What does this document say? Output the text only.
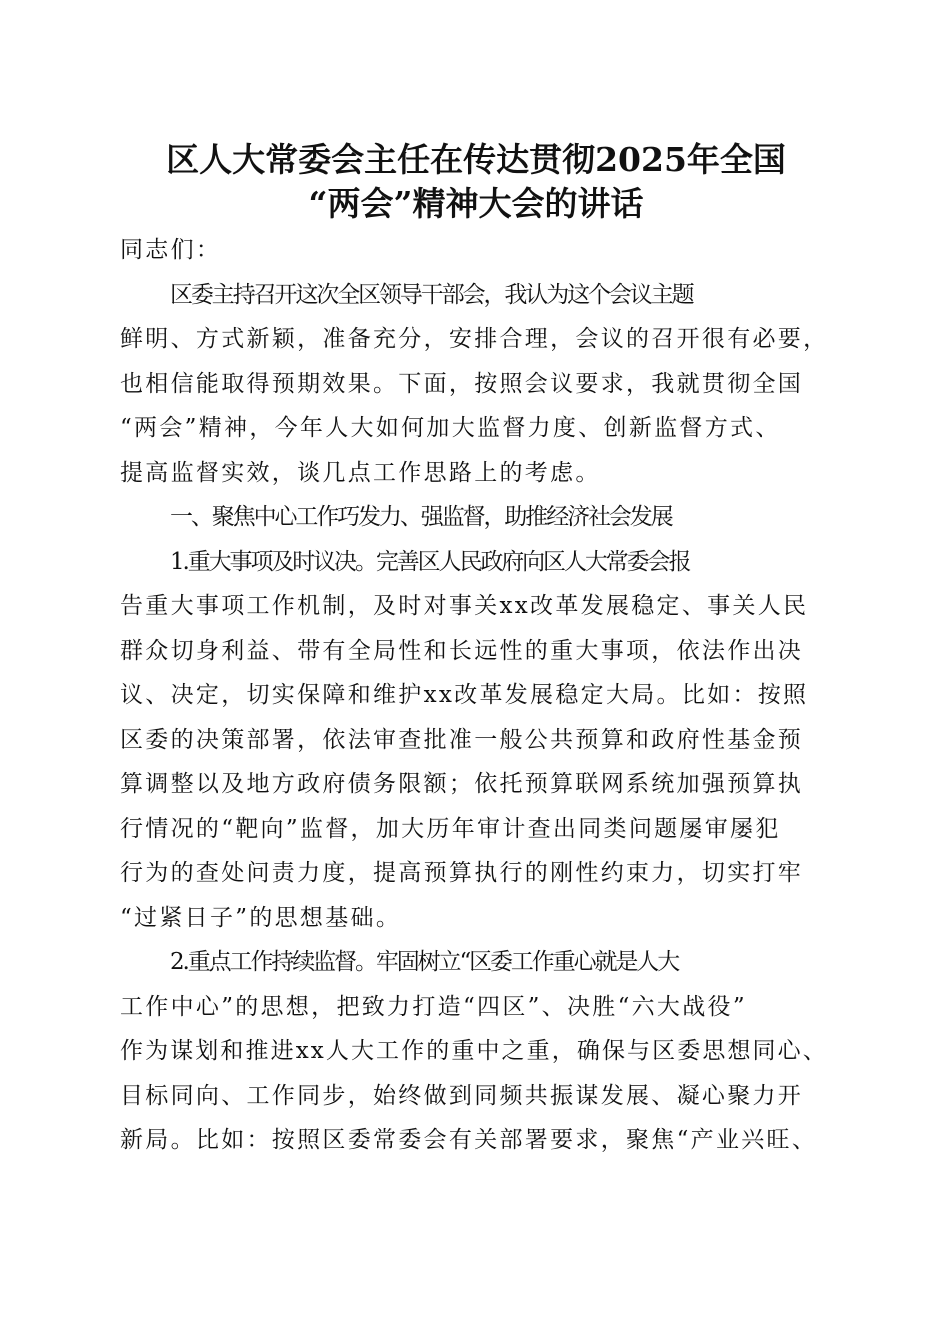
区人大常委会主任在传达贯彻2025年全国
“两会”精神大会的讲话

同志们：

区委主持召开这次全区领导干部会，我认为这个会议主题
鲜明、方式新颖，准备充分，安排合理，会议的召开很有必要，
也相信能取得预期效果。下面，按照会议要求，我就贯彻全国
“两会”精神，今年人大如何加大监督力度、创新监督方式、
提高监督实效，谈几点工作思路上的考虑。

一、聚焦中心工作巧发力、强监督，助推经济社会发展

1.重大事项及时议决。完善区人民政府向区人大常委会报
告重大事项工作机制，及时对事关xx改革发展稳定、事关人民
群众切身利益、带有全局性和长远性的重大事项，依法作出决
议、决定，切实保障和维护xx改革发展稳定大局。比如：按照
区委的决策部署，依法审查批准一般公共预算和政府性基金预
算调整以及地方政府债务限额；依托预算联网系统加强预算执
行情况的“靶向”监督，加大历年审计查出同类问题屡审屡犯
行为的查处问责力度，提高预算执行的刚性约束力，切实打牢
“过紧日子”的思想基础。

2.重点工作持续监督。牢固树立“区委工作重心就是人大
工作中心”的思想，把致力打造“四区”、决胜“六大战役”
作为谋划和推进xx人大工作的重中之重，确保与区委思想同心、
目标同向、工作同步，始终做到同频共振谋发展、凝心聚力开
新局。比如：按照区委常委会有关部署要求，聚焦“产业兴旺、
